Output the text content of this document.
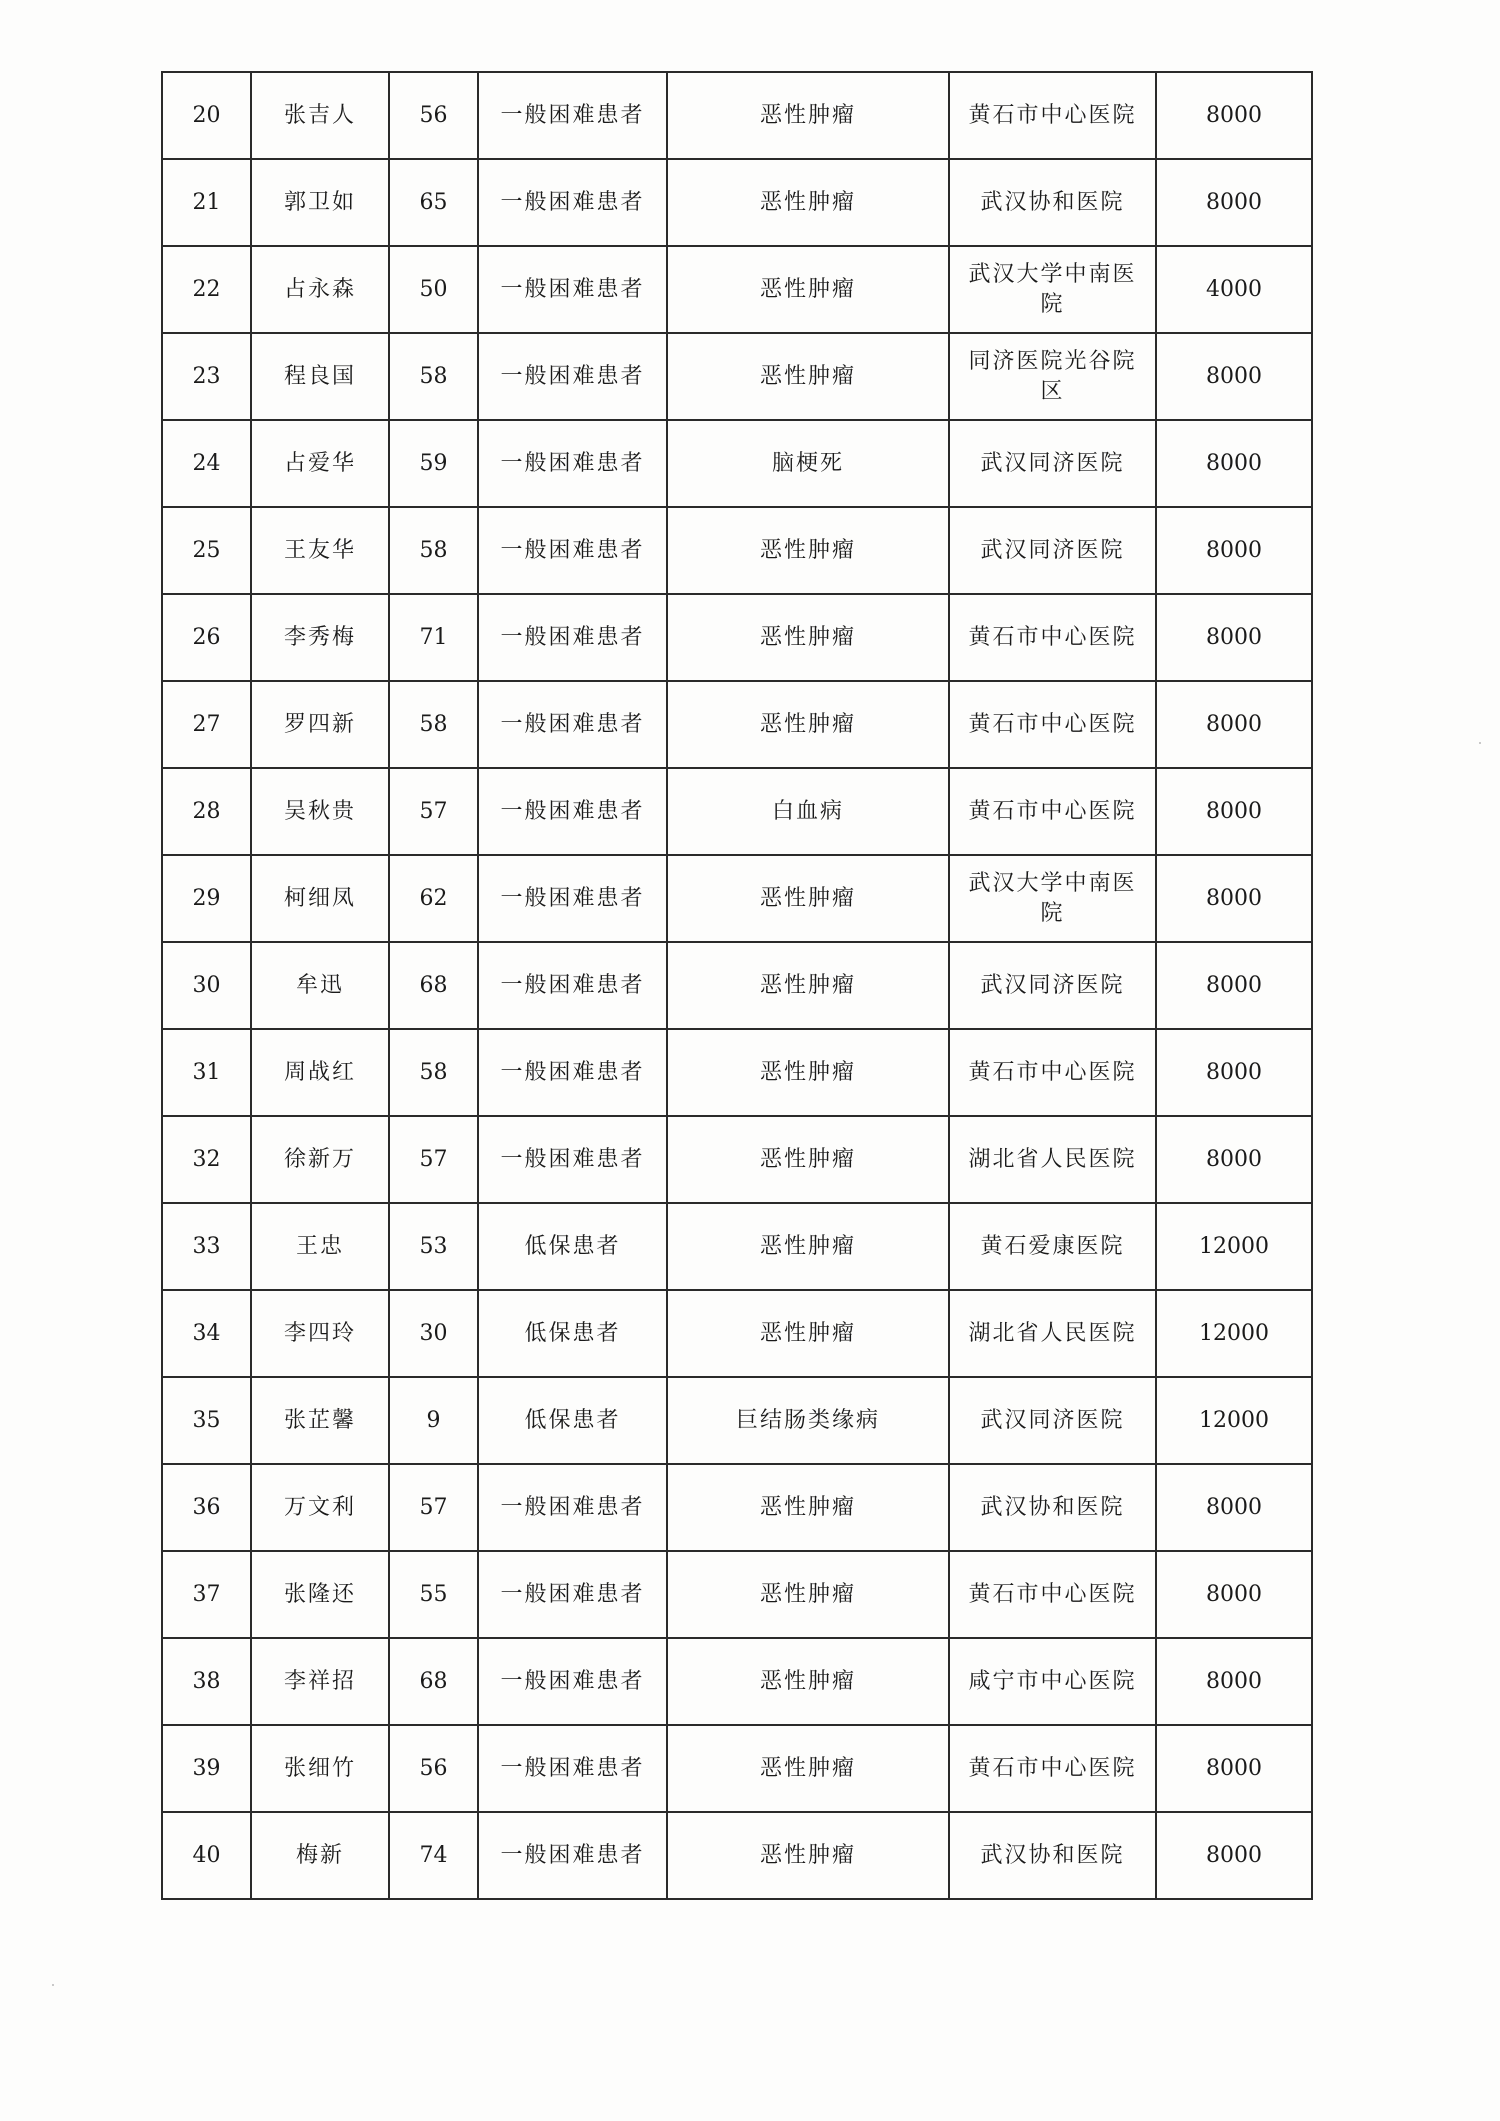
20	张吉人	56	一般困难患者	恶性肿瘤	黄石市中心医院	8000
21	郭卫如	65	一般困难患者	恶性肿瘤	武汉协和医院	8000
22	占永森	50	一般困难患者	恶性肿瘤	武汉大学中南医院	4000
23	程良国	58	一般困难患者	恶性肿瘤	同济医院光谷院区	8000
24	占爱华	59	一般困难患者	脑梗死	武汉同济医院	8000
25	王友华	58	一般困难患者	恶性肿瘤	武汉同济医院	8000
26	李秀梅	71	一般困难患者	恶性肿瘤	黄石市中心医院	8000
27	罗四新	58	一般困难患者	恶性肿瘤	黄石市中心医院	8000
28	吴秋贵	57	一般困难患者	白血病	黄石市中心医院	8000
29	柯细凤	62	一般困难患者	恶性肿瘤	武汉大学中南医院	8000
30	牟迅	68	一般困难患者	恶性肿瘤	武汉同济医院	8000
31	周战红	58	一般困难患者	恶性肿瘤	黄石市中心医院	8000
32	徐新万	57	一般困难患者	恶性肿瘤	湖北省人民医院	8000
33	王忠	53	低保患者	恶性肿瘤	黄石爱康医院	12000
34	李四玲	30	低保患者	恶性肿瘤	湖北省人民医院	12000
35	张芷馨	9	低保患者	巨结肠类缘病	武汉同济医院	12000
36	万文利	57	一般困难患者	恶性肿瘤	武汉协和医院	8000
37	张隆还	55	一般困难患者	恶性肿瘤	黄石市中心医院	8000
38	李祥招	68	一般困难患者	恶性肿瘤	咸宁市中心医院	8000
39	张细竹	56	一般困难患者	恶性肿瘤	黄石市中心医院	8000
40	梅新	74	一般困难患者	恶性肿瘤	武汉协和医院	8000
